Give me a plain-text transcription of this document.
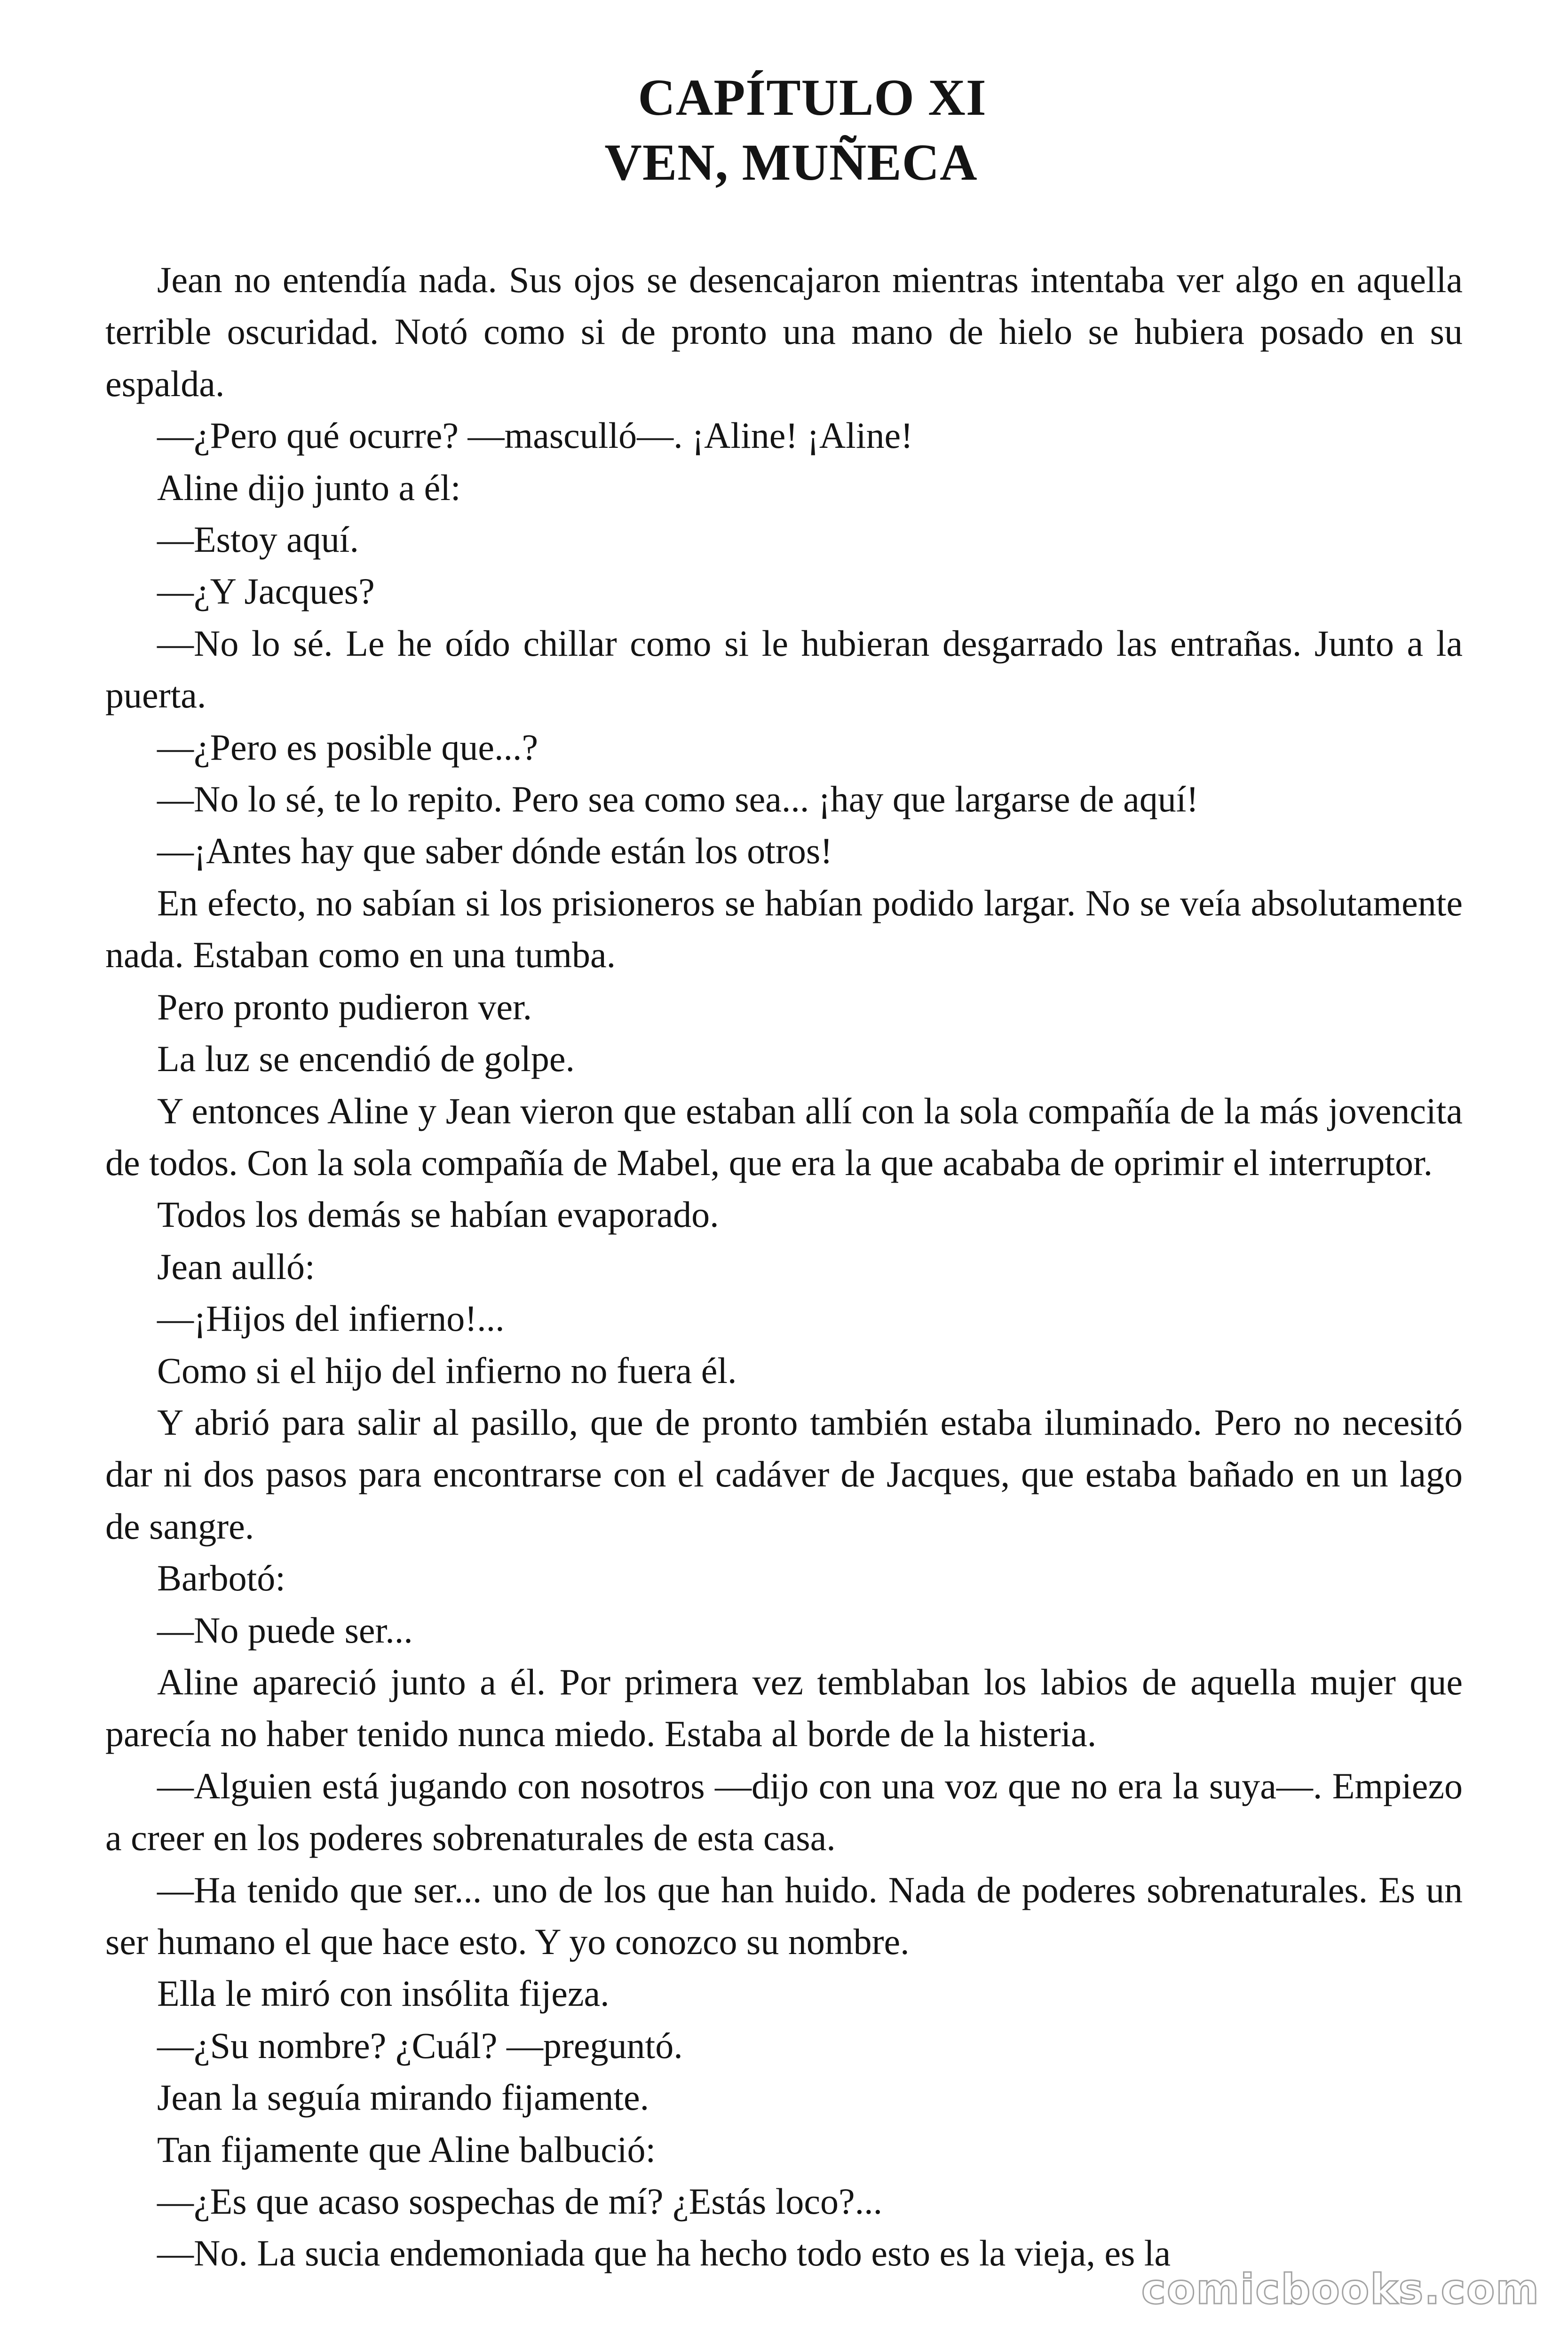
CAPÍTULO XI
VEN, MUÑECA

Jean no entendía nada. Sus ojos se desencajaron mientras intentaba ver algo en aquella terrible oscuridad. Notó como si de pronto una mano de hielo se hubiera posado en su espalda.

—¿Pero qué ocurre? —masculló—. ¡Aline! ¡Aline!

Aline dijo junto a él:

—Estoy aquí.

—¿Y Jacques?

—No lo sé. Le he oído chillar como si le hubieran desgarrado las entrañas. Junto a la puerta.

—¿Pero es posible que...?

—No lo sé, te lo repito. Pero sea como sea... ¡hay que largarse de aquí!

—¡Antes hay que saber dónde están los otros!

En efecto, no sabían si los prisioneros se habían podido largar. No se veía absolutamente nada. Estaban como en una tumba.

Pero pronto pudieron ver.

La luz se encendió de golpe.

Y entonces Aline y Jean vieron que estaban allí con la sola compañía de la más jovencita de todos. Con la sola compañía de Mabel, que era la que acababa de oprimir el interruptor.

Todos los demás se habían evaporado.

Jean aulló:

—¡Hijos del infierno!...

Como si el hijo del infierno no fuera él.

Y abrió para salir al pasillo, que de pronto también estaba iluminado. Pero no necesitó dar ni dos pasos para encontrarse con el cadáver de Jacques, que estaba bañado en un lago de sangre.

Barbotó:

—No puede ser...

Aline apareció junto a él. Por primera vez temblaban los labios de aquella mujer que parecía no haber tenido nunca miedo. Estaba al borde de la histeria.

—Alguien está jugando con nosotros —dijo con una voz que no era la suya—. Empiezo a creer en los poderes sobrenaturales de esta casa.

—Ha tenido que ser... uno de los que han huido. Nada de poderes sobrenaturales. Es un ser humano el que hace esto. Y yo conozco su nombre.

Ella le miró con insólita fijeza.

—¿Su nombre? ¿Cuál? —preguntó.

Jean la seguía mirando fijamente.

Tan fijamente que Aline balbució:

—¿Es que acaso sospechas de mí? ¿Estás loco?...

—No. La sucia endemoniada que ha hecho todo esto es la vieja, es la

comicbooks.com
